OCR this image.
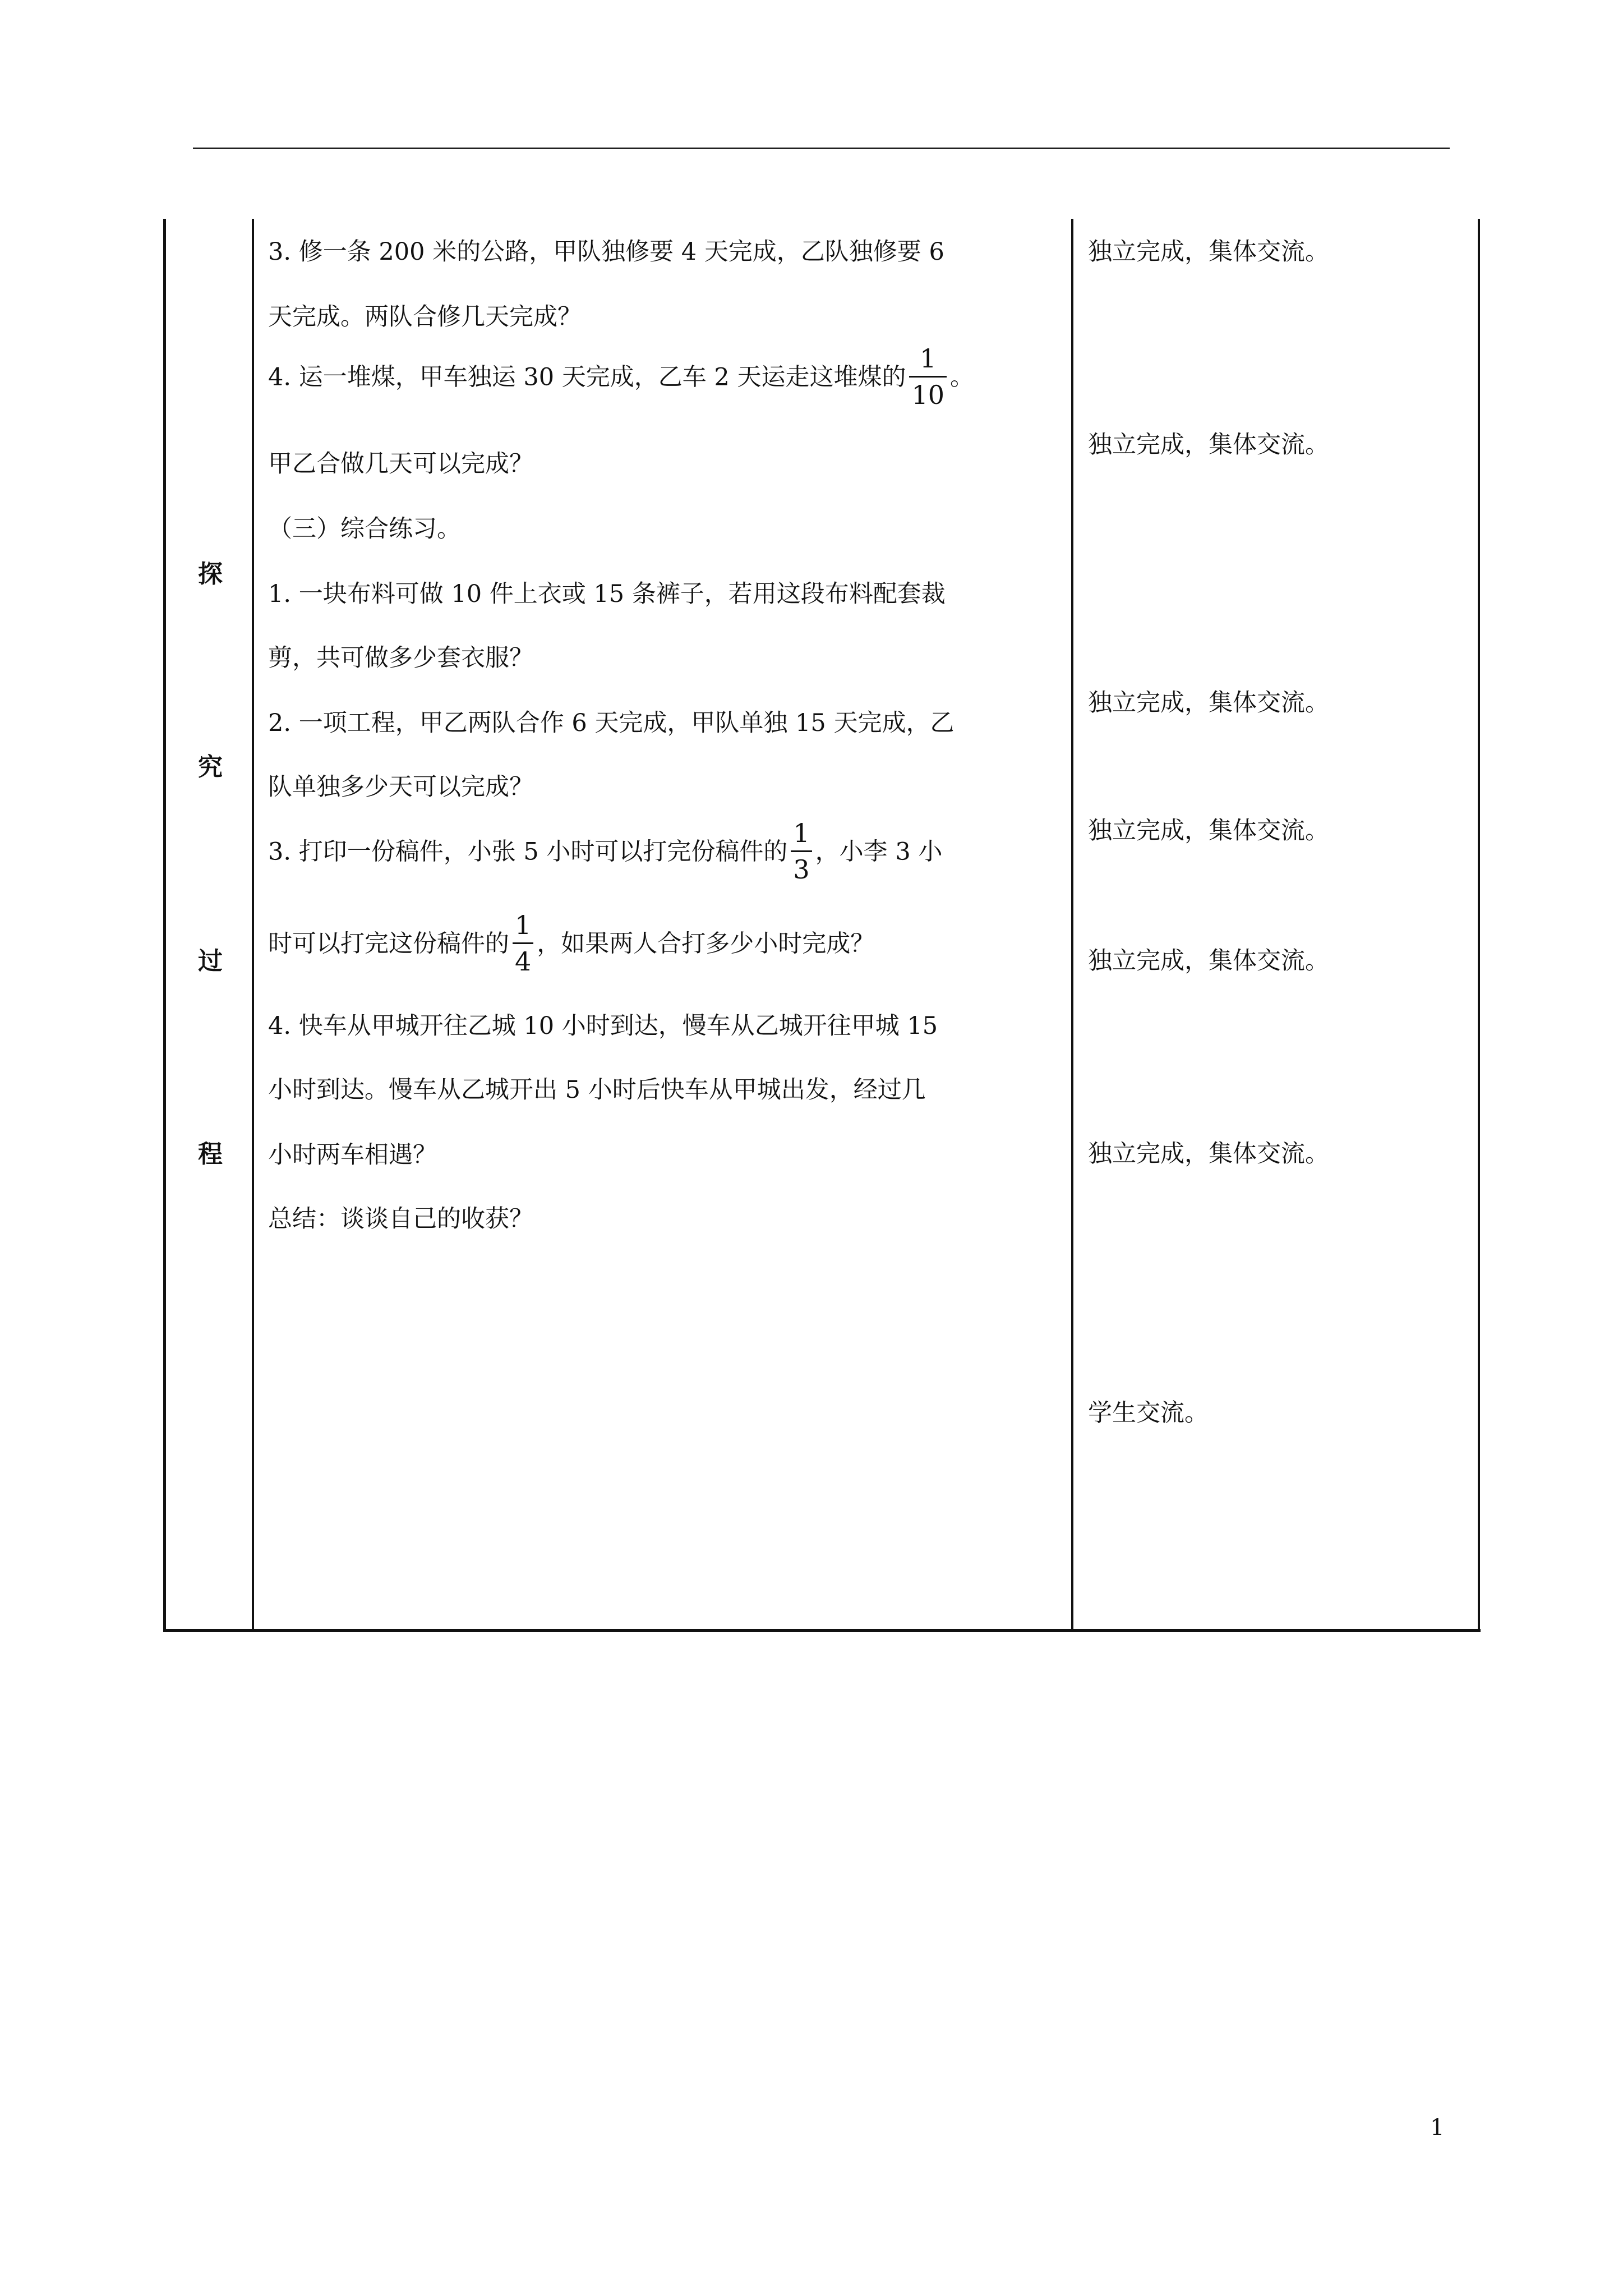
探
究
过
程
3. 修一条 200 米的公路，甲队独修要 4 天完成，乙队独修要 6
天完成。两队合修几天完成？
4. 运一堆煤，甲车独运 30 天完成，乙车 2 天运走这堆煤的 $\frac{1}{10}$ 。
甲乙合做几天可以完成？
（三）综合练习。
1. 一块布料可做 10 件上衣或 15 条裤子，若用这段布料配套裁
剪，共可做多少套衣服？
2. 一项工程，甲乙两队合作 6 天完成，甲队单独 15 天完成，乙
队单独多少天可以完成？
3. 打印一份稿件，小张 5 小时可以打完份稿件的 $\frac{1}{3}$ ，小李 3 小
时可以打完这份稿件的 $\frac{1}{4}$ ，如果两人合打多少小时完成？
4. 快车从甲城开往乙城 10 小时到达，慢车从乙城开往甲城 15
小时到达。慢车从乙城开出 5 小时后快车从甲城出发，经过几
小时两车相遇？
总结：谈谈自己的收获？
独立完成，集体交流。
独立完成，集体交流。
独立完成，集体交流。
独立完成，集体交流。
独立完成，集体交流。
独立完成，集体交流。
学生交流。
1
